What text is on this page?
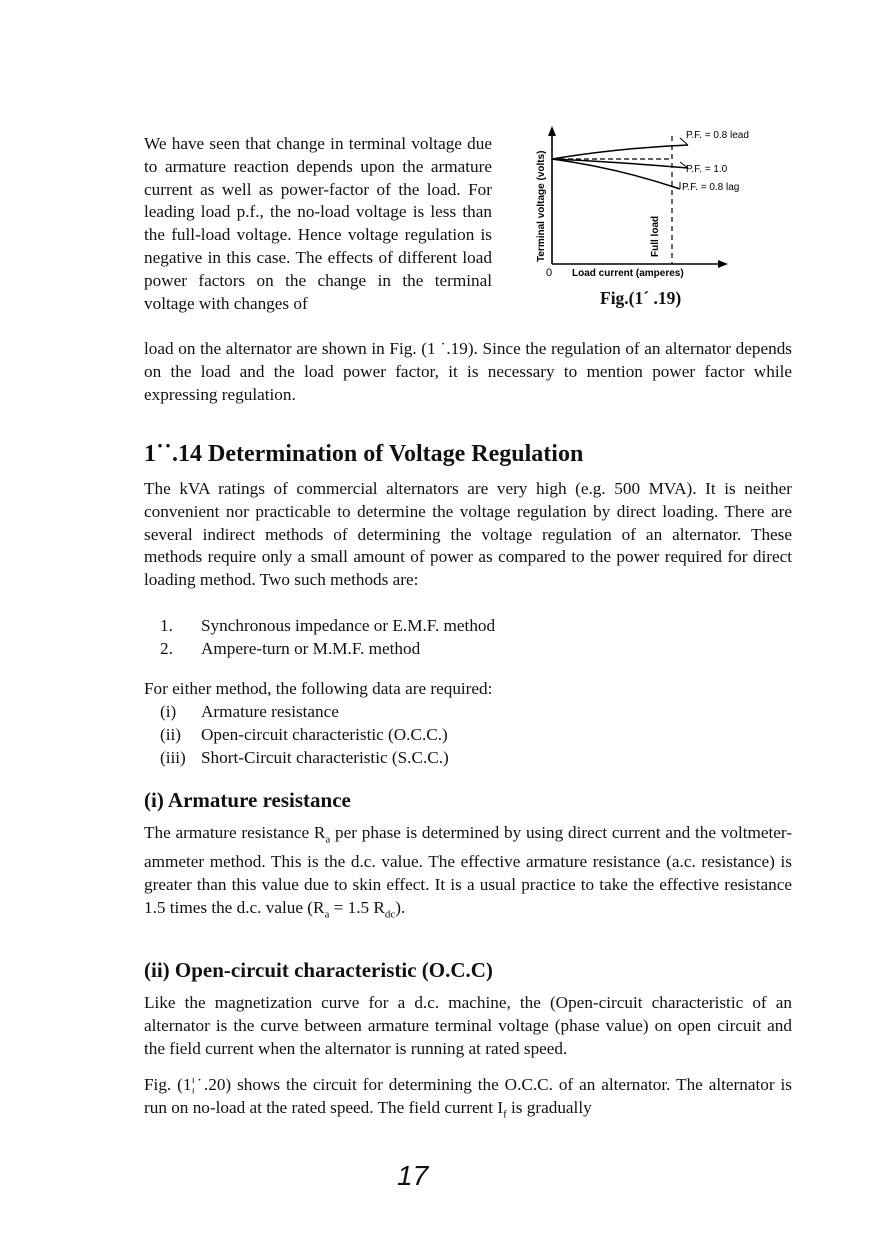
We have seen that change in terminal voltage due to armature reaction depends upon the armature current as well as power-factor of the load. For leading load p.f., the no-load voltage is less than the full-load voltage. Hence voltage regulation is negative in this case. The effects of different load power factors on the change in the terminal voltage with changes of

P.F. = 0.8 lead
P.F. = 1.0
P.F. = 0.8 lag
Terminal voltage (volts)	Full load
0 Load current (amperes)
Fig.(1ˊ .19)

load on the alternator are shown in Fig. (1 ˙.19). Since the regulation of an alternator depends on the load and the load power factor, it is necessary to mention power factor while expressing regulation.

1˙˙.14 Determination of Voltage Regulation

The kVA ratings of commercial alternators are very high (e.g. 500 MVA). It is neither convenient nor practicable to determine the voltage regulation by direct loading. There are several indirect methods of determining the voltage regulation of an alternator. These methods require only a small amount of power as compared to the power required for direct loading method. Two such methods are:

1.	Synchronous impedance or E.M.F. method
2.	Ampere-turn or M.M.F. method

For either method, the following data are required:

(i)	Armature resistance
(ii)	Open-circuit characteristic (O.C.C.)
(iii) Short-Circuit characteristic (S.C.C.)
(i) Armature resistance

The armature resistance $R_a$ per phase is determined by using direct current and the voltmeter-ammeter method. This is the d.c. value. The effective armature resistance (a.c. resistance) is greater than this value due to skin effect. It is a usual practice to take the effective resistance 1.5 times the d.c. value ($R_a = 1.5$ $R_{dc}$).

(ii) Open-circuit characteristic (O.C.C)

Like the magnetization curve for a d.c. machine, the (Open-circuit characteristic of an alternator is the curve between armature terminal voltage (phase value) on open circuit and the field current when the alternator is running at rated speed.

Fig. (1¦˙.20) shows the circuit for determining the O.C.C. of an alternator. The alternator is run on no-load at the rated speed. The field current $I_f$ is gradually

17
